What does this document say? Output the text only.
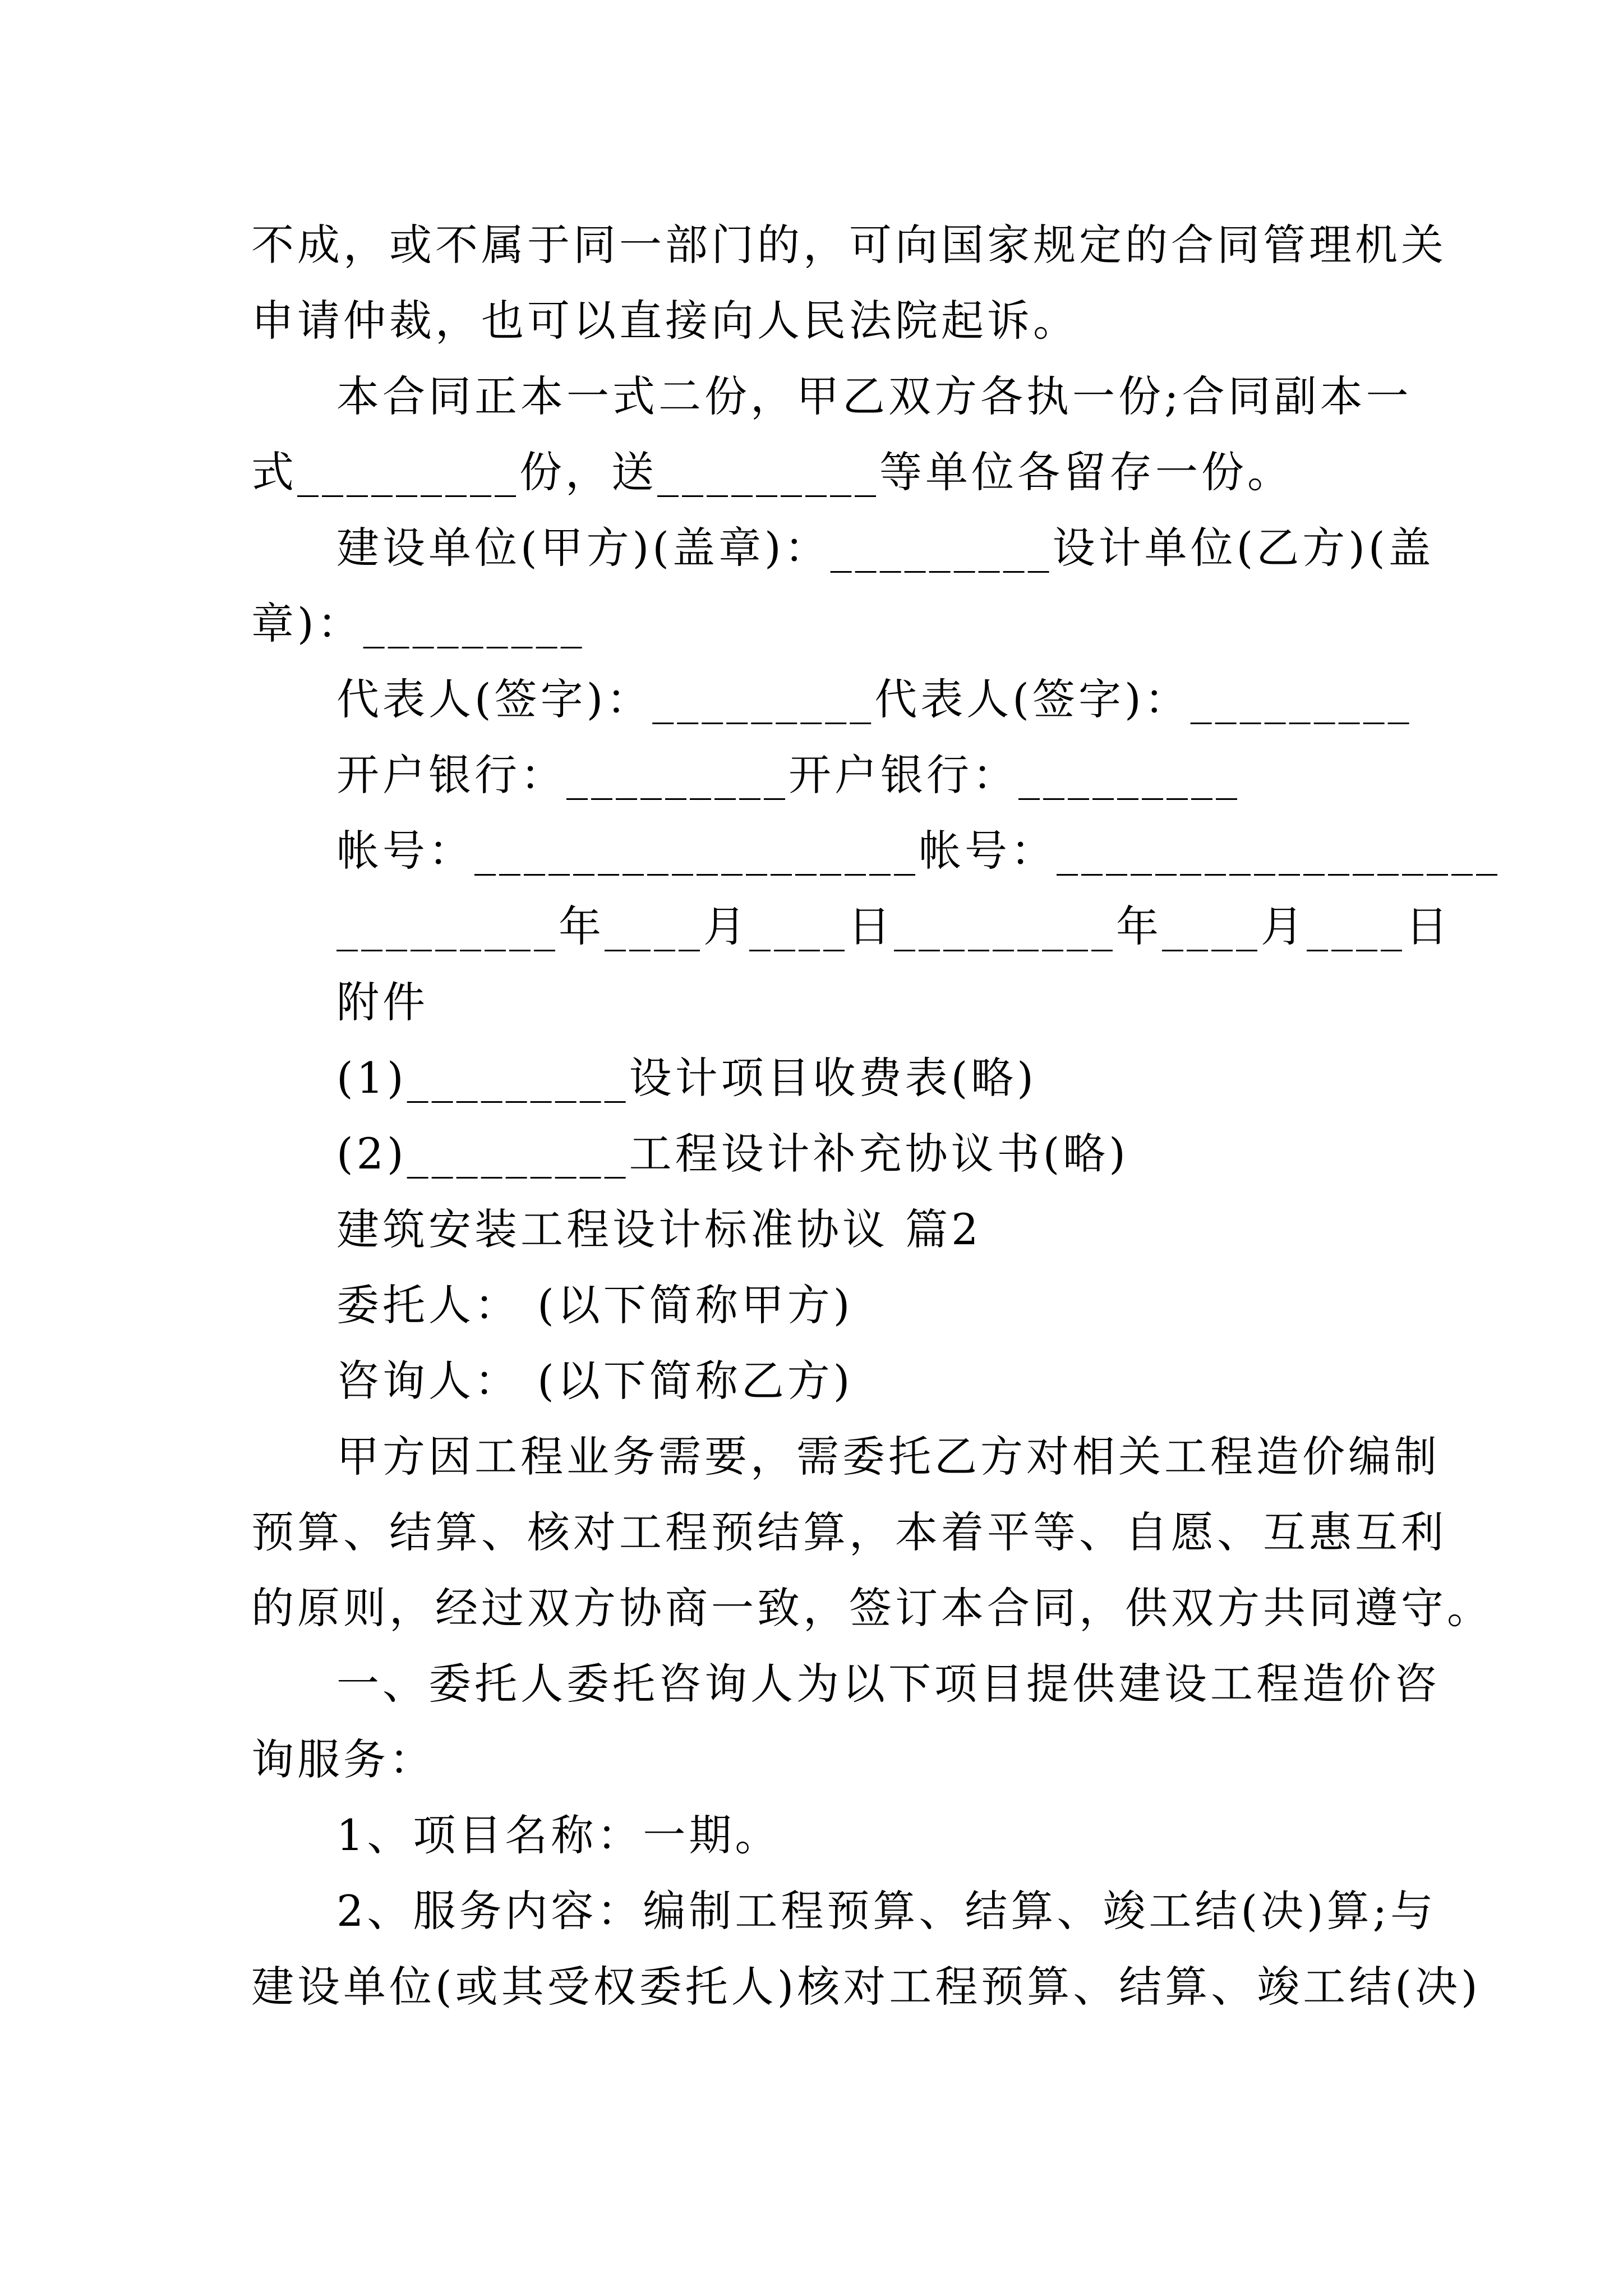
不成，或不属于同一部门的，可向国家规定的合同管理机关
申请仲裁，也可以直接向人民法院起诉。
本合同正本一式二份，甲乙双方各执一份;合同副本一
式_________份，送_________等单位各留存一份。
建设单位(甲方)(盖章)：_________设计单位(乙方)(盖
章)：_________
代表人(签字)：_________代表人(签字)：_________
开户银行：_________开户银行：_________
帐号：__________________帐号：__________________
_________年____月____日_________年____月____日
附件
(1)_________设计项目收费表(略)
(2)_________工程设计补充协议书(略)
建筑安装工程设计标准协议 篇2
委托人： (以下简称甲方)
咨询人： (以下简称乙方)
甲方因工程业务需要，需委托乙方对相关工程造价编制
预算、结算、核对工程预结算，本着平等、自愿、互惠互利
的原则，经过双方协商一致，签订本合同，供双方共同遵守。
一、委托人委托咨询人为以下项目提供建设工程造价咨
询服务：
1、项目名称：一期。
2、服务内容：编制工程预算、结算、竣工结(决)算;与
建设单位(或其受权委托人)核对工程预算、结算、竣工结(决)
